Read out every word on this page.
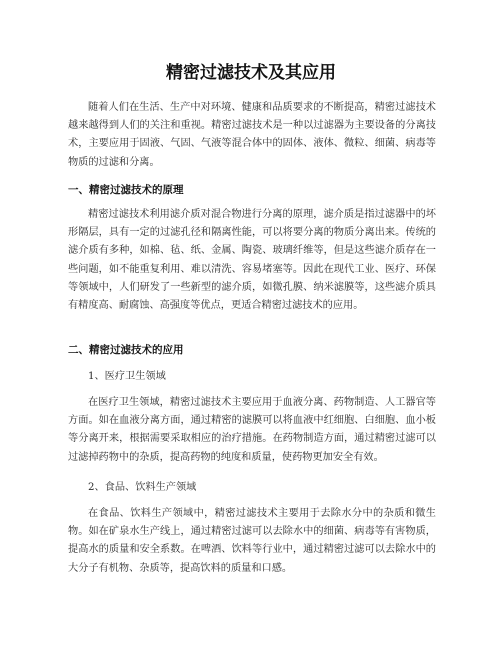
精密过滤技术及其应用

随着人们在生活、生产中对环境、健康和品质要求的不断提高，精密过滤技术越来越得到人们的关注和重视。精密过滤技术是一种以过滤器为主要设备的分离技术，主要应用于固液、气固、气液等混合体中的固体、液体、微粒、细菌、病毒等物质的过滤和分离。

一、精密过滤技术的原理

精密过滤技术利用滤介质对混合物进行分离的原理，滤介质是指过滤器中的坏形隔层，具有一定的过滤孔径和隔离性能，可以将要分离的物质分离出来。传统的滤介质有多种，如棉、毡、纸、金属、陶瓷、玻璃纤维等，但是这些滤介质存在一些问题，如不能重复利用、难以清洗、容易堵塞等。因此在现代工业、医疗、环保等领域中，人们研发了一些新型的滤介质，如微孔膜、纳米滤膜等，这些滤介质具有精度高、耐腐蚀、高强度等优点，更适合精密过滤技术的应用。

二、精密过滤技术的应用
1、医疗卫生领域

在医疗卫生领域，精密过滤技术主要应用于血液分离、药物制造、人工器官等方面。如在血液分离方面，通过精密的滤膜可以将血液中红细胞、白细胞、血小板等分离开来，根据需要采取相应的治疗措施。在药物制造方面，通过精密过滤可以过滤掉药物中的杂质，提高药物的纯度和质量，使药物更加安全有效。

2、食品、饮料生产领域

在食品、饮料生产领域中，精密过滤技术主要用于去除水分中的杂质和微生物。如在矿泉水生产线上，通过精密过滤可以去除水中的细菌、病毒等有害物质，提高水的质量和安全系数。在啤酒、饮料等行业中，通过精密过滤可以去除水中的大分子有机物、杂质等，提高饮料的质量和口感。
